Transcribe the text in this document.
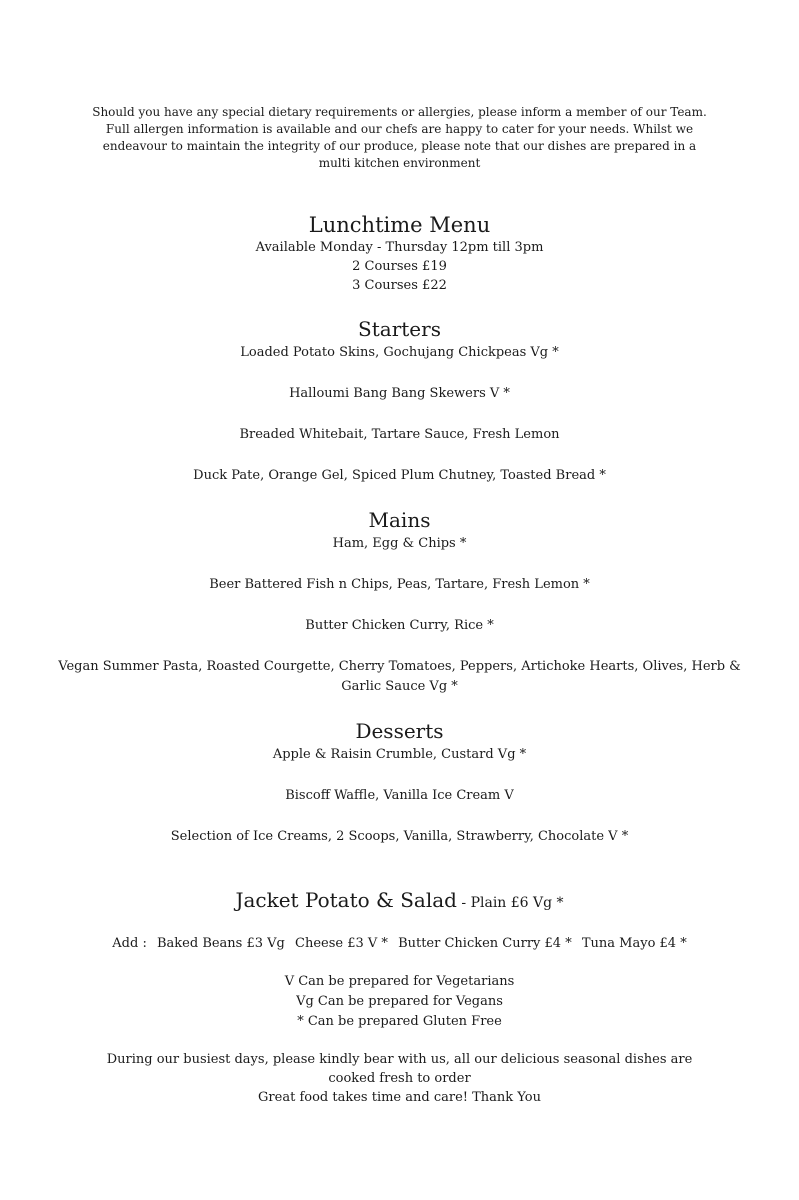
Should you have any special dietary requirements or allergies, please inform a member of our Team.

Full allergen information is available and our chefs are happy to cater for your needs. Whilst we

endeavour to maintain the integrity of our produce, please note that our dishes are prepared in a

multi kitchen environment

Lunchtime Menu

Available Monday - Thursday 12pm till 3pm

2 Courses £19

3 Courses £22

Starters
Loaded Potato Skins, Gochujang Chickpeas Vg *
Halloumi Bang Bang Skewers V *
Breaded Whitebait, Tartare Sauce, Fresh Lemon
Duck Pate, Orange Gel, Spiced Plum Chutney, Toasted Bread *
Mains
Ham, Egg & Chips *
Beer Battered Fish n Chips, Peas, Tartare, Fresh Lemon *
Butter Chicken Curry, Rice *
Vegan Summer Pasta, Roasted Courgette, Cherry Tomatoes, Peppers, Artichoke Hearts, Olives, Herb & Garlic Sauce Vg *
Desserts
Apple & Raisin Crumble, Custard Vg *
Biscoff Waffle, Vanilla Ice Cream V
Selection of Ice Creams, 2 Scoops, Vanilla, Strawberry, Chocolate V *
Jacket Potato & Salad - Plain £6 Vg *
Add : Baked Beans £3 Vg Cheese £3 V * Butter Chicken Curry £4 * Tuna Mayo £4 *

V Can be prepared for Vegetarians

Vg Can be prepared for Vegans

* Can be prepared Gluten Free

During our busiest days, please kindly bear with us, all our delicious seasonal dishes are

cooked fresh to order

Great food takes time and care! Thank You
